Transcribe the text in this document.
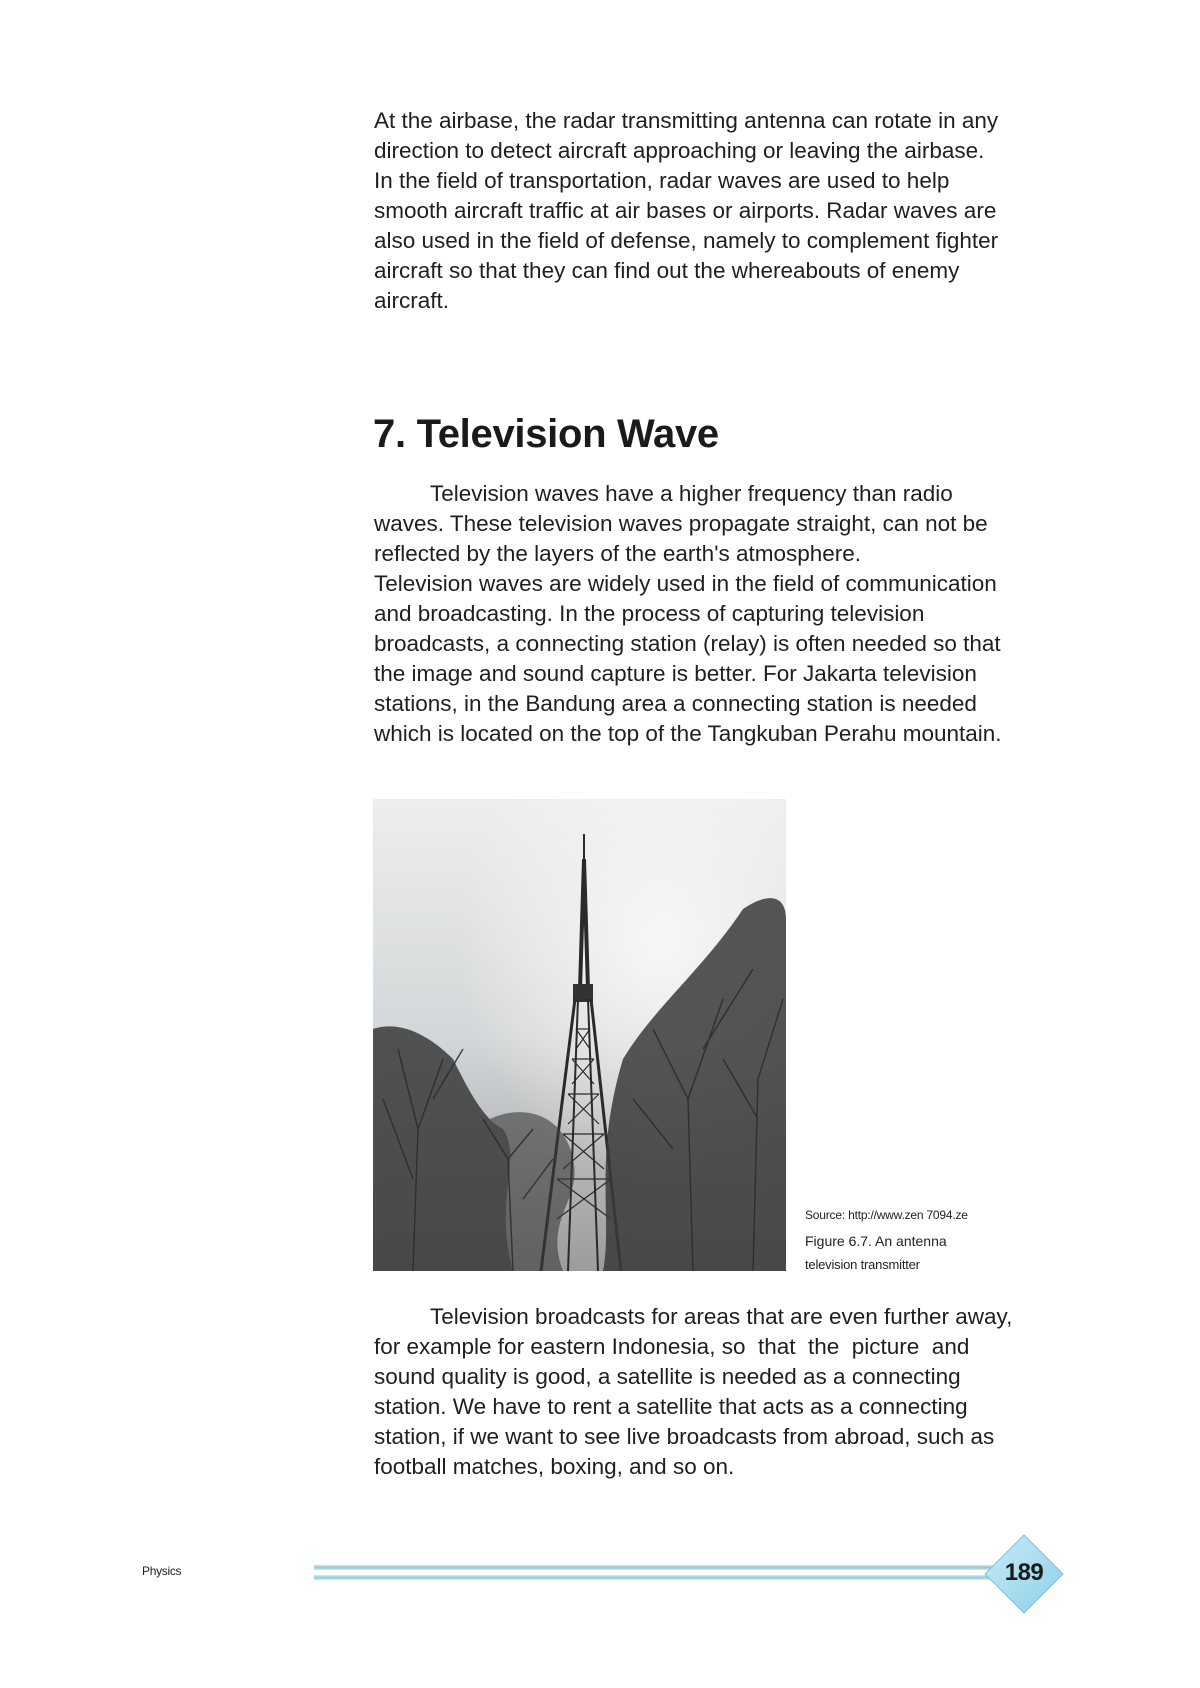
At the airbase, the radar transmitting antenna can rotate in any
direction to detect aircraft approaching or leaving the airbase.
In the field of transportation, radar waves are used to help
smooth aircraft traffic at air bases or airports. Radar waves are
also used in the field of defense, namely to complement fighter
aircraft so that they can find out the whereabouts of enemy
aircraft.
7. Television Wave
Television waves have a higher frequency than radio
waves. These television waves propagate straight, can not be
reflected by the layers of the earth's atmosphere.
Television waves are widely used in the field of communication
and broadcasting. In the process of capturing television
broadcasts, a connecting station (relay) is often needed so that
the image and sound capture is better. For Jakarta television
stations, in the Bandung area a connecting station is needed
which is located on the top of the Tangkuban Perahu mountain.
Source: http://www.zen 7094.ze
Figure 6.7. An antenna
television transmitter
Television broadcasts for areas that are even further away,
for example for eastern Indonesia, so  that  the  picture  and
sound quality is good, a satellite is needed as a connecting
station. We have to rent a satellite that acts as a connecting
station, if we want to see live broadcasts from abroad, such as
football matches, boxing, and so on.
Physics	189
